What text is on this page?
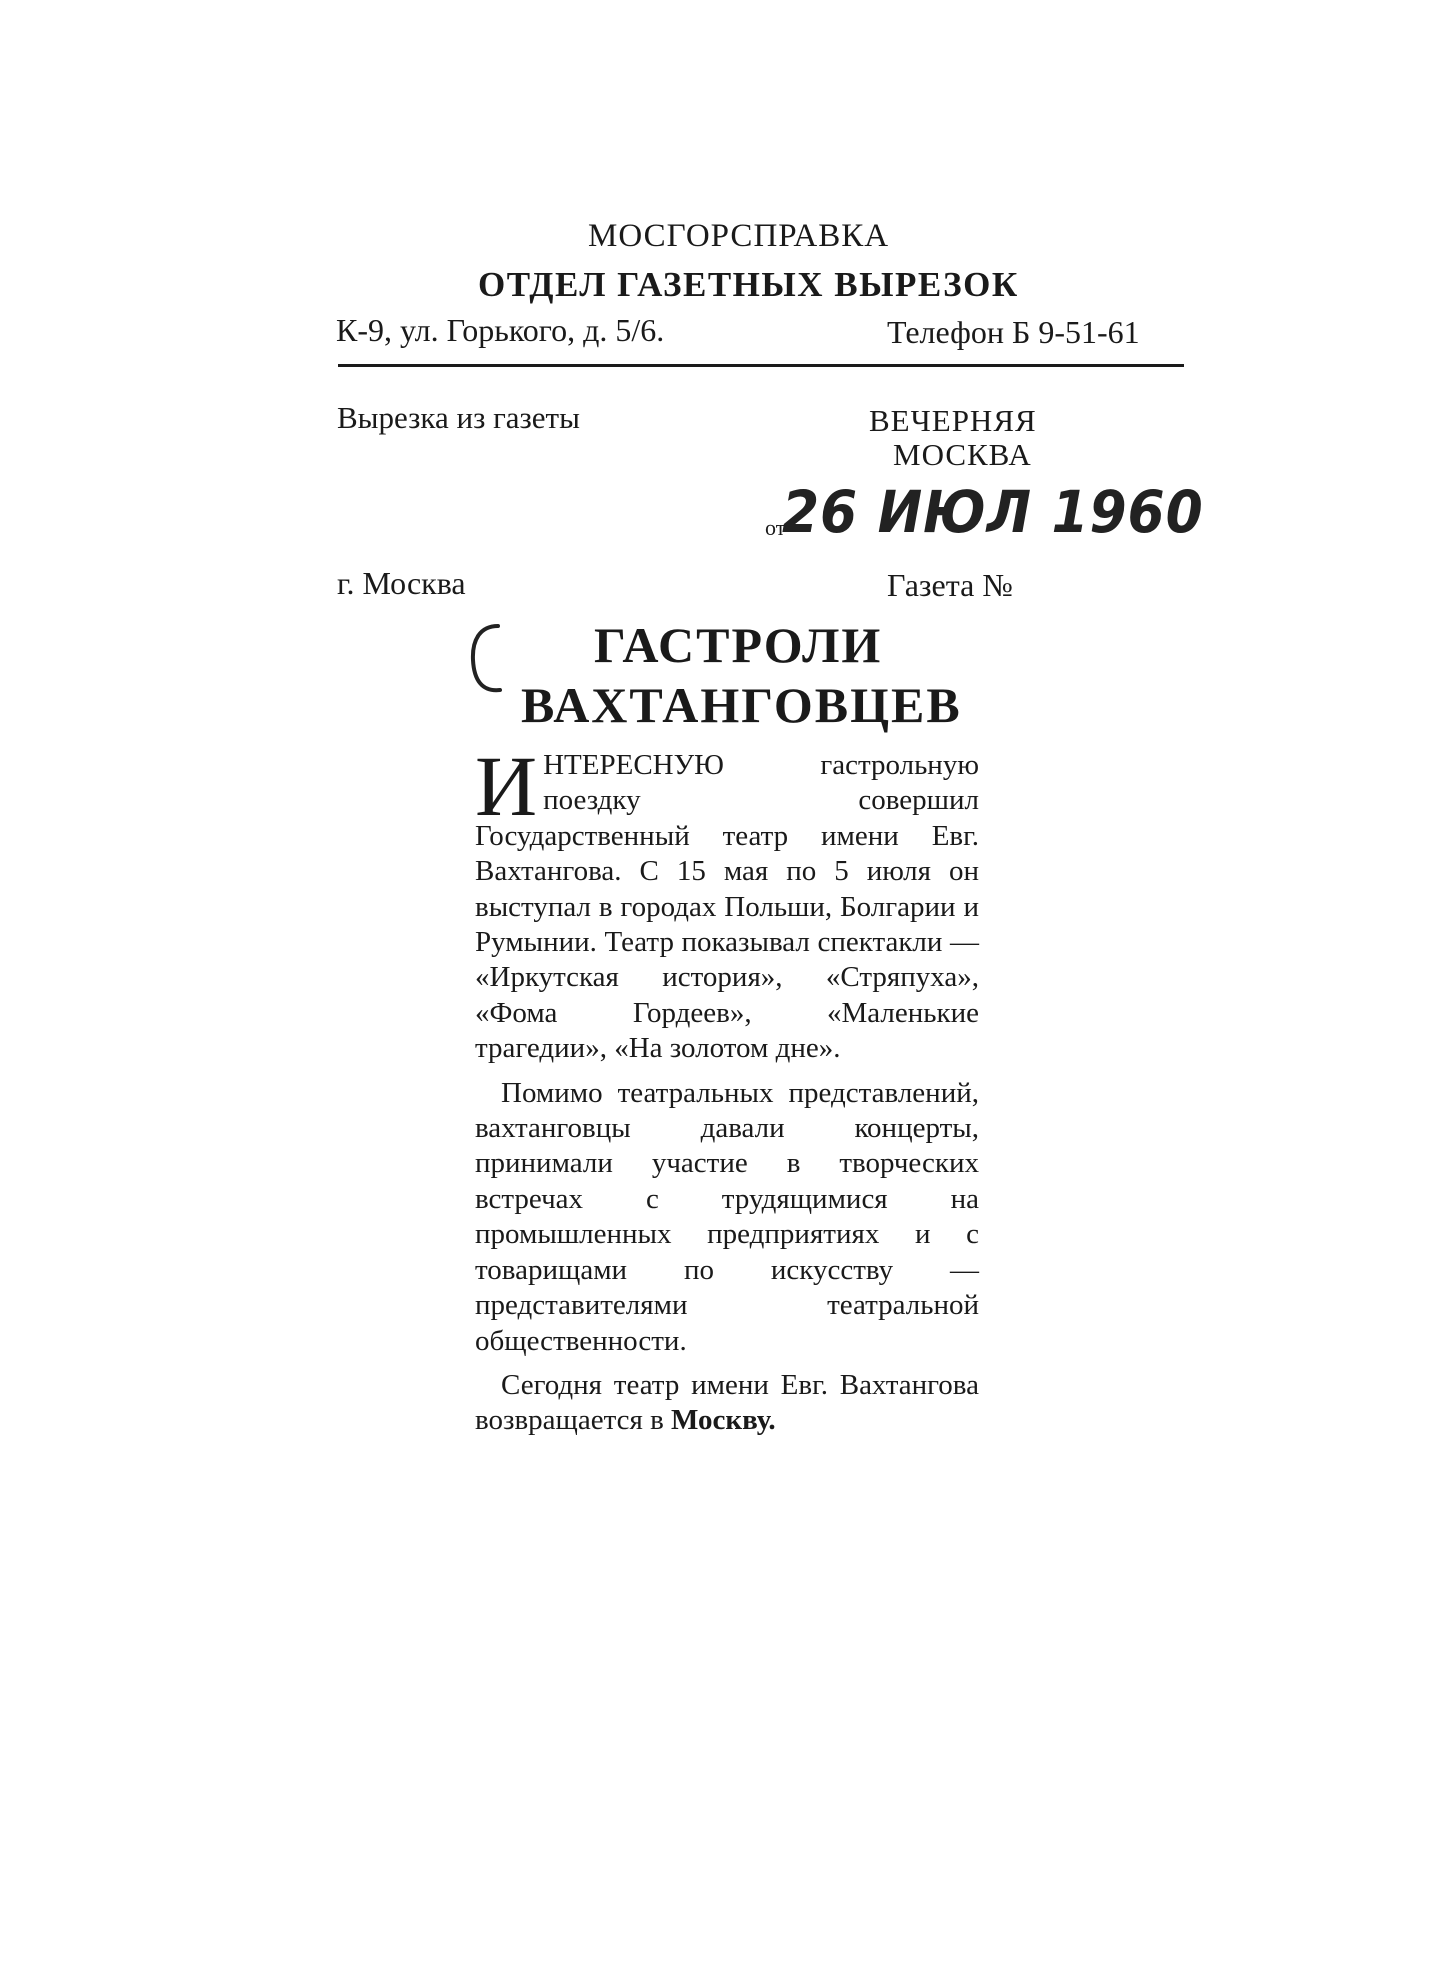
МОСГОРСПРАВКА
ОТДЕЛ ГАЗЕТНЫХ ВЫРЕЗОК
К-9, ул. Горького, д. 5/6.	Телефон Б 9-51-61
Вырезка из газеты	ВЕЧЕРНЯЯ
МОСКВА
от
26 ИЮЛ 1960
г. Москва	Газета №
ГАСТРОЛИ
ВАХТАНГОВЦЕВ

ИНТЕРЕСНУЮ гастрольную поездку совершил Государственный театр имени Евг. Вахтангова. С 15 мая по 5 июля он выступал в городах Польши, Болгарии и Румынии. Театр показывал спектакли — «Иркутская история», «Стряпуха», «Фома Гордеев», «Маленькие трагедии», «На золотом дне».

Помимо театральных представлений, вахтанговцы давали концерты, принимали участие в творческих встречах с трудящимися на промышленных предприятиях и с товарищами по искусству — представителями театральной общественности.

Сегодня театр имени Евг. Вахтангова возвращается в Москву.
